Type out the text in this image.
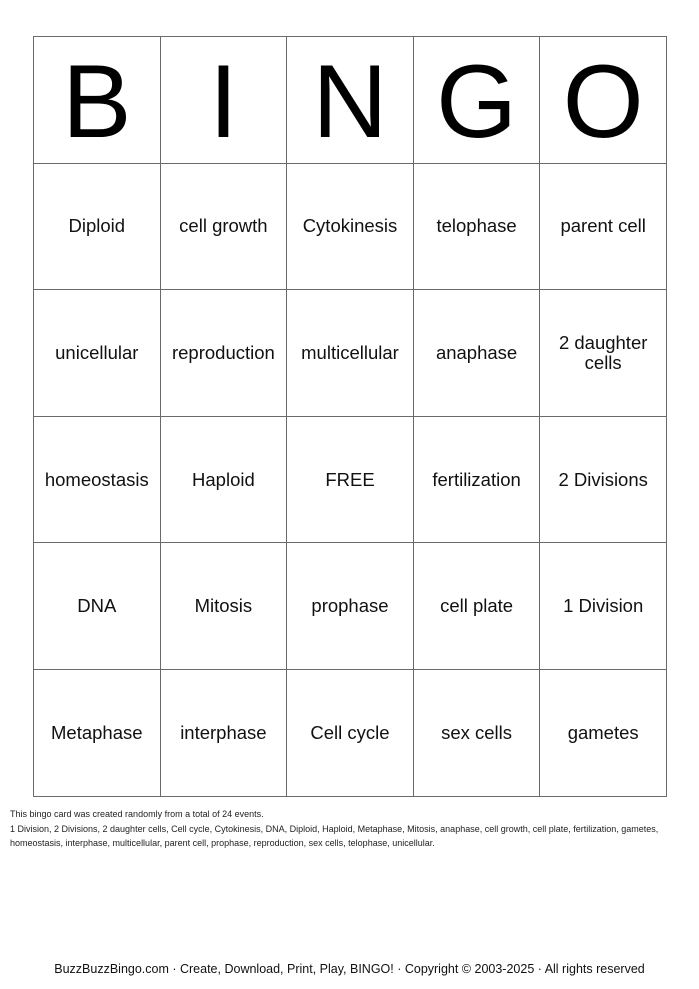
B	I	N	G	O
Diploid	cell growth	Cytokinesis	telophase	parent cell
unicellular	reproduction	multicellular	anaphase	2 daughter cells
homeostasis	Haploid	FREE	fertilization	2 Divisions
DNA	Mitosis	prophase	cell plate	1 Division
Metaphase	interphase	Cell cycle	sex cells	gametes
This bingo card was created randomly from a total of 24 events.
1 Division, 2 Divisions, 2 daughter cells, Cell cycle, Cytokinesis, DNA, Diploid, Haploid, Metaphase, Mitosis, anaphase, cell growth, cell plate, fertilization, gametes, homeostasis, interphase, multicellular, parent cell, prophase, reproduction, sex cells, telophase, unicellular.
BuzzBuzzBingo.com · Create, Download, Print, Play, BINGO! · Copyright © 2003-2025 · All rights reserved
